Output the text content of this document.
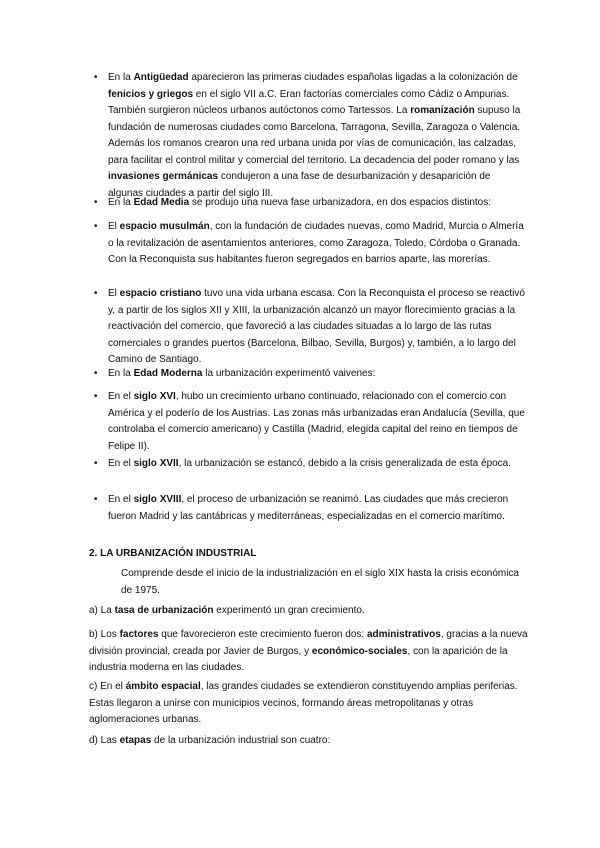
• En la Antigüedad aparecieron las primeras ciudades españolas ligadas a la colonización de fenicios y griegos en el siglo VII a.C. Eran factorías comerciales como Cádiz o Ampurias. También surgieron núcleos urbanos autóctonos como Tartessos. La romanización supuso la fundación de numerosas ciudades como Barcelona, Tarragona, Sevilla, Zaragoza o Valencia. Además los romanos crearon una red urbana unida por vías de comunicación, las calzadas, para facilitar el control militar y comercial del territorio. La decadencia del poder romano y las invasiones germánicas condujeron a una fase de desurbanización y desaparición de algunas ciudades a partir del siglo III.
• En la Edad Media se produjo una nueva fase urbanizadora, en dos espacios distintos:
• El espacio musulmán, con la fundación de ciudades nuevas, como Madrid, Murcia o Almería o la revitalización de asentamientos anteriores, como Zaragoza, Toledo, Córdoba o Granada. Con la Reconquista sus habitantes fueron segregados en barrios aparte, las morerías.
• El espacio cristiano tuvo una vida urbana escasa. Con la Reconquista el proceso se reactivó y, a partir de los siglos XII y XIII, la urbanización alcanzó un mayor florecimiento gracias a la reactivación del comercio, que favoreció a las ciudades situadas a lo largo de las rutas comerciales o grandes puertos (Barcelona, Bilbao, Sevilla, Burgos) y, también, a lo largo del Camino de Santiago.
• En la Edad Moderna la urbanización experimentó vaivenes:
• En el siglo XVI, hubo un crecimiento urbano continuado, relacionado con el comercio con América y el poderío de los Austrias. Las zonas más urbanizadas eran Andalucía (Sevilla, que controlaba el comercio americano) y Castilla (Madrid, elegida capital del reino en tiempos de Felipe II).
• En el siglo XVII, la urbanización se estancó, debido a la crisis generalizada de esta época.
• En el siglo XVIII, el proceso de urbanización se reanimó. Las ciudades que más crecieron fueron Madrid y las cantábricas y mediterráneas, especializadas en el comercio marítimo.
2. LA URBANIZACIÓN INDUSTRIAL
Comprende desde el inicio de la industrialización en el siglo XIX hasta la crisis económica de 1975.
a) La tasa de urbanización experimentó un gran crecimiento.
b) Los factores que favorecieron este crecimiento fueron dos: administrativos, gracias a la nueva división provincial, creada por Javier de Burgos, y económico-sociales, con la aparición de la industria moderna en las ciudades.
c) En el ámbito espacial, las grandes ciudades se extendieron constituyendo amplias periferias. Estas llegaron a unirse con municipios vecinos, formando áreas metropolitanas y otras aglomeraciones urbanas.
d) Las etapas de la urbanización industrial son cuatro:
